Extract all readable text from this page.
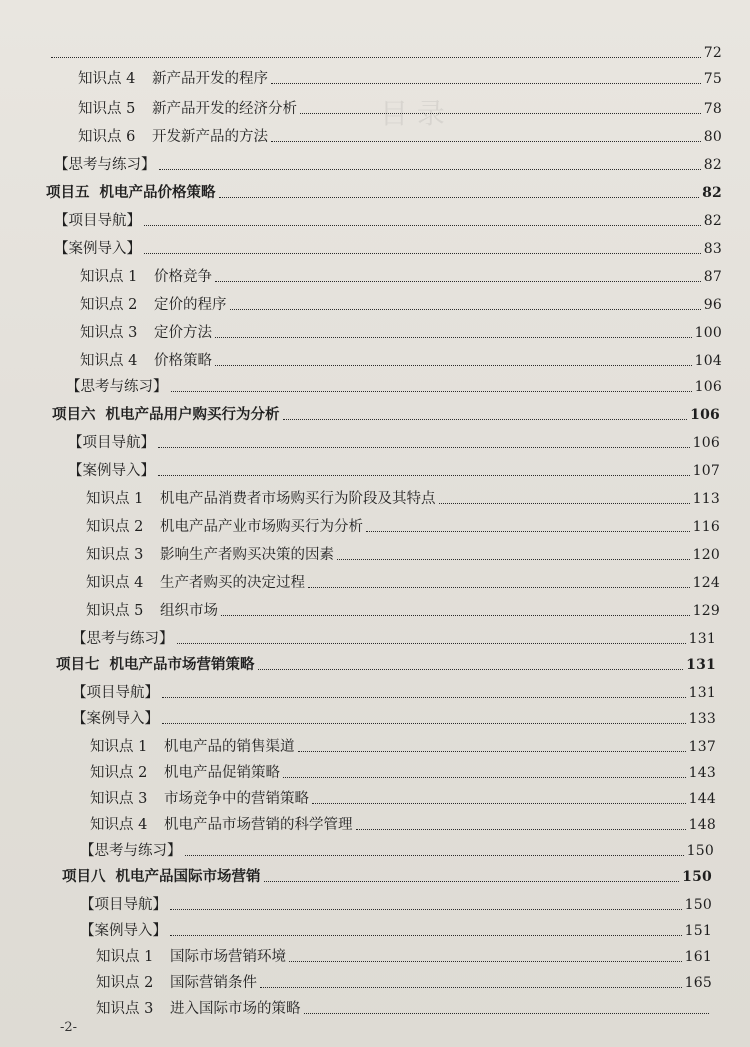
目 录
72
知识点 4	新产品开发的程序	75
知识点 5	新产品开发的经济分析	78
知识点 6	开发新产品的方法	80
【思考与练习】	82
项目五 机电产品价格策略	82
【项目导航】	82
【案例导入】	83
知识点 1	价格竞争	87
知识点 2	定价的程序	96
知识点 3	定价方法	100
知识点 4	价格策略	104
【思考与练习】	106
项目六 机电产品用户购买行为分析	106
【项目导航】	106
【案例导入】	107
知识点 1	机电产品消费者市场购买行为阶段及其特点	113
知识点 2	机电产品产业市场购买行为分析	116
知识点 3	影响生产者购买决策的因素	120
知识点 4	生产者购买的决定过程	124
知识点 5	组织市场	129
【思考与练习】	131
项目七 机电产品市场营销策略	131
【项目导航】	131
【案例导入】	133
知识点 1	机电产品的销售渠道	137
知识点 2	机电产品促销策略	143
知识点 3	市场竞争中的营销策略	144
知识点 4	机电产品市场营销的科学管理	148
【思考与练习】	150
项目八 机电产品国际市场营销	150
【项目导航】	150
【案例导入】	151
知识点 1	国际市场营销环境	161
知识点 2	国际营销条件	165
知识点 3	进入国际市场的策略
-2-
